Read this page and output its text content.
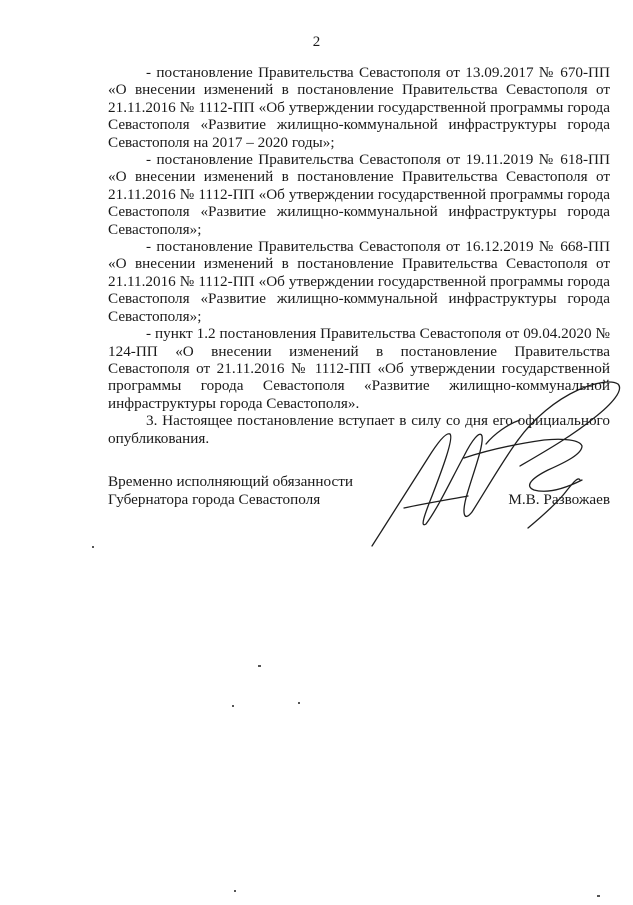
2

- постановление Правительства Севастополя от 13.09.2017 № 670-ПП «О внесении изменений в постановление Правительства Севастополя от 21.11.2016 № 1112-ПП «Об утверждении государственной программы города Севастополя «Развитие жилищно-коммунальной инфраструктуры города Севастополя на 2017 – 2020 годы»;

- постановление Правительства Севастополя от 19.11.2019 № 618-ПП «О внесении изменений в постановление Правительства Севастополя от 21.11.2016 № 1112-ПП «Об утверждении государственной программы города Севастополя «Развитие жилищно-коммунальной инфраструктуры города Севастополя»;

- постановление Правительства Севастополя от 16.12.2019 № 668-ПП «О внесении изменений в постановление Правительства Севастополя от 21.11.2016 № 1112-ПП «Об утверждении государственной программы города Севастополя «Развитие жилищно-коммунальной инфраструктуры города Севастополя»;

- пункт 1.2 постановления Правительства Севастополя от 09.04.2020 № 124-ПП «О внесении изменений в постановление Правительства Севастополя от 21.11.2016 № 1112-ПП «Об утверждении государственной программы города Севастополя «Развитие жилищно-коммунальной инфраструктуры города Севастополя».

3. Настоящее постановление вступает в силу со дня его официального опубликования.

Временно исполняющий обязанности
Губернатора города Севастополя	М.В. Развожаев
